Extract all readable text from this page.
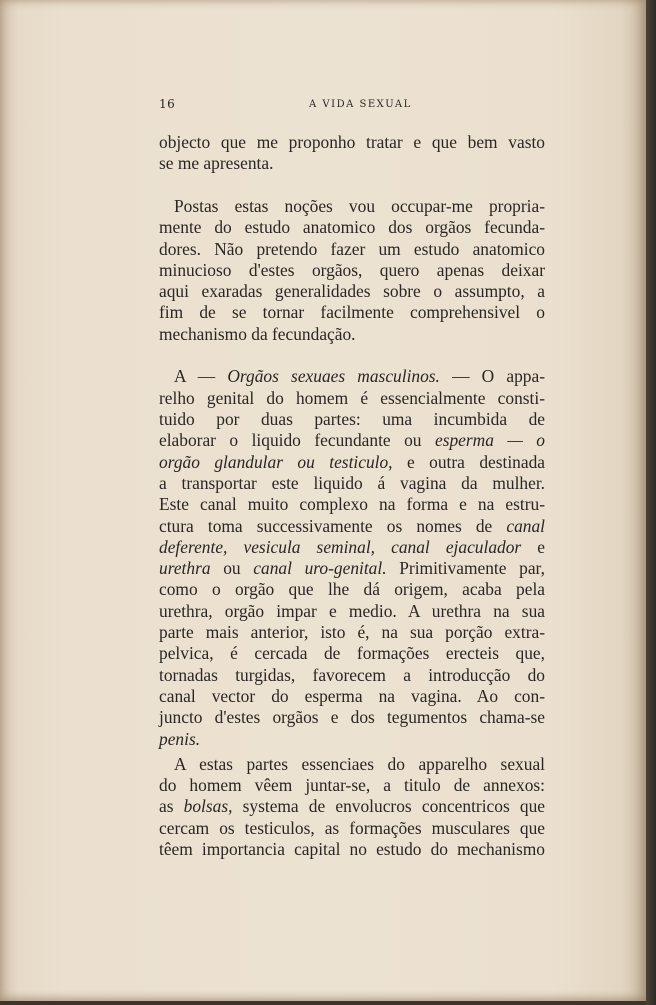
16	A VIDA SEXUAL
objecto que me proponho tratar e que bem vasto
se me apresenta.
Postas estas noções vou occupar-me propria-
mente do estudo anatomico dos orgãos fecunda-
dores. Não pretendo fazer um estudo anatomico
minucioso d'estes orgãos, quero apenas deixar
aqui exaradas generalidades sobre o assumpto, a
fim de se tornar facilmente comprehensivel o
mechanismo da fecundação.
A — Orgãos sexuaes masculinos. — O appa-
relho genital do homem é essencialmente consti-
tuido por duas partes: uma incumbida de
elaborar o liquido fecundante ou esperma — o
orgão glandular ou testiculo, e outra destinada
a transportar este liquido á vagina da mulher.
Este canal muito complexo na forma e na estru-
ctura toma successivamente os nomes de canal
deferente, vesicula seminal, canal ejaculador e
urethra ou canal uro-genital. Primitivamente par,
como o orgão que lhe dá origem, acaba pela
urethra, orgão impar e medio. A urethra na sua
parte mais anterior, isto é, na sua porção extra-
pelvica, é cercada de formações erecteis que,
tornadas turgidas, favorecem a introducção do
canal vector do esperma na vagina. Ao con-
juncto d'estes orgãos e dos tegumentos chama-se
penis.
A estas partes essenciaes do apparelho sexual
do homem vêem juntar-se, a titulo de annexos:
as bolsas, systema de envolucros concentricos que
cercam os testiculos, as formações musculares que
têem importancia capital no estudo do mechanismo
